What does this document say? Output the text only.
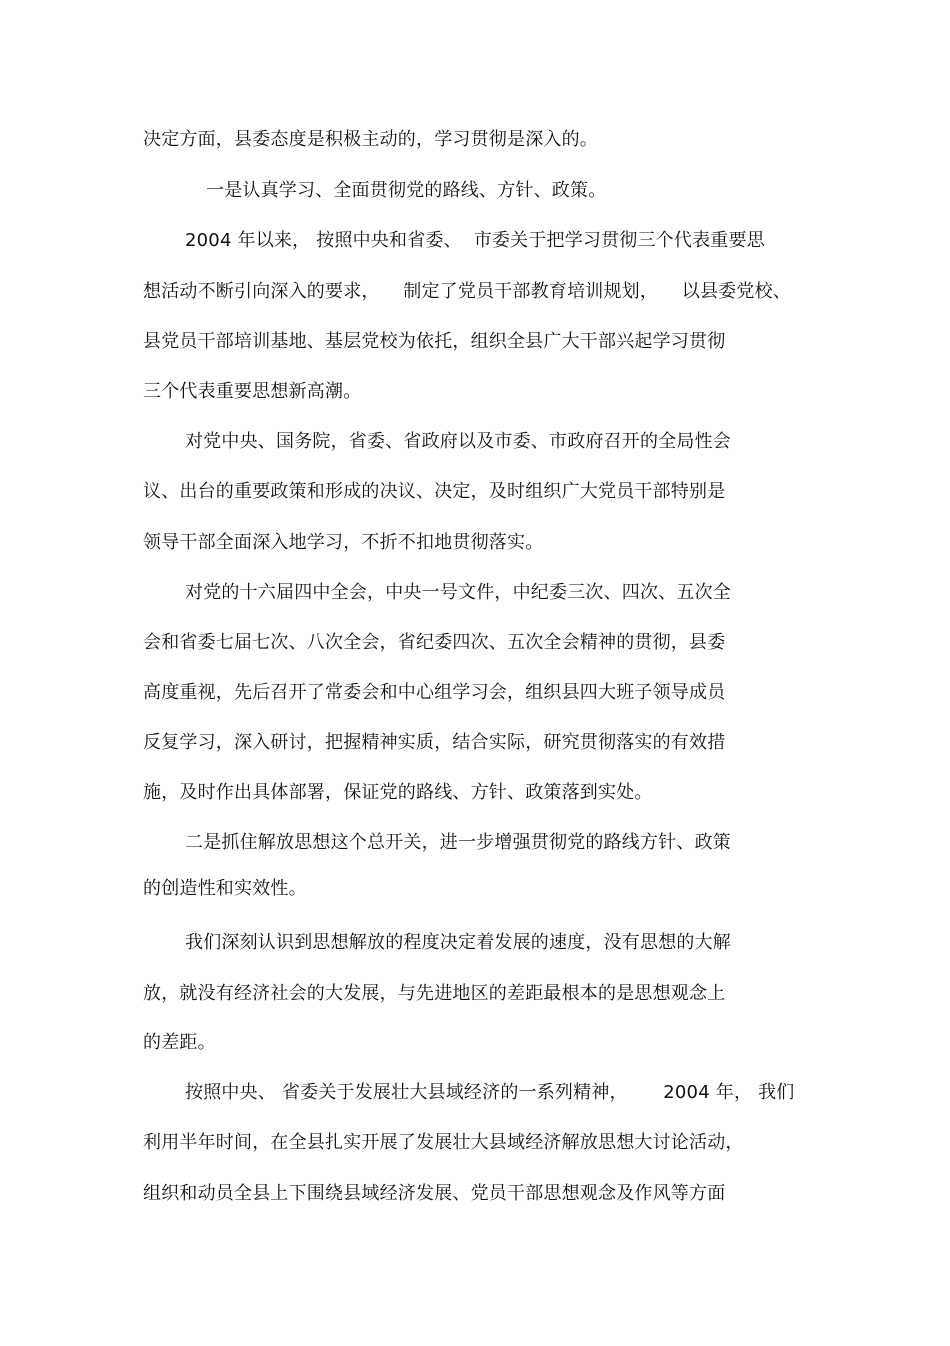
决定方面，县委态度是积极主动的，学习贯彻是深入的。
一是认真学习、全面贯彻党的路线、方针、政策。
2004 年以来， 按照中央和省委、  市委关于把学习贯彻三个代表重要思
想活动不断引向深入的要求，    制定了党员干部教育培训规划，    以县委党校、
县党员干部培训基地、基层党校为依托，组织全县广大干部兴起学习贯彻
三个代表重要思想新高潮。
对党中央、国务院，省委、省政府以及市委、市政府召开的全局性会
议、出台的重要政策和形成的决议、决定，及时组织广大党员干部特别是
领导干部全面深入地学习，不折不扣地贯彻落实。
对党的十六届四中全会，中央一号文件，中纪委三次、四次、五次全
会和省委七届七次、八次全会，省纪委四次、五次全会精神的贯彻，县委
高度重视，先后召开了常委会和中心组学习会，组织县四大班子领导成员
反复学习，深入研讨，把握精神实质，结合实际，研究贯彻落实的有效措
施，及时作出具体部署，保证党的路线、方针、政策落到实处。
二是抓住解放思想这个总开关，进一步增强贯彻党的路线方针、政策
的创造性和实效性。
我们深刻认识到思想解放的程度决定着发展的速度，没有思想的大解
放，就没有经济社会的大发展，与先进地区的差距最根本的是思想观念上
的差距。
按照中央、 省委关于发展壮大县域经济的一系列精神，      2004 年， 我们
利用半年时间，在全县扎实开展了发展壮大县域经济解放思想大讨论活动，
组织和动员全县上下围绕县域经济发展、党员干部思想观念及作风等方面
